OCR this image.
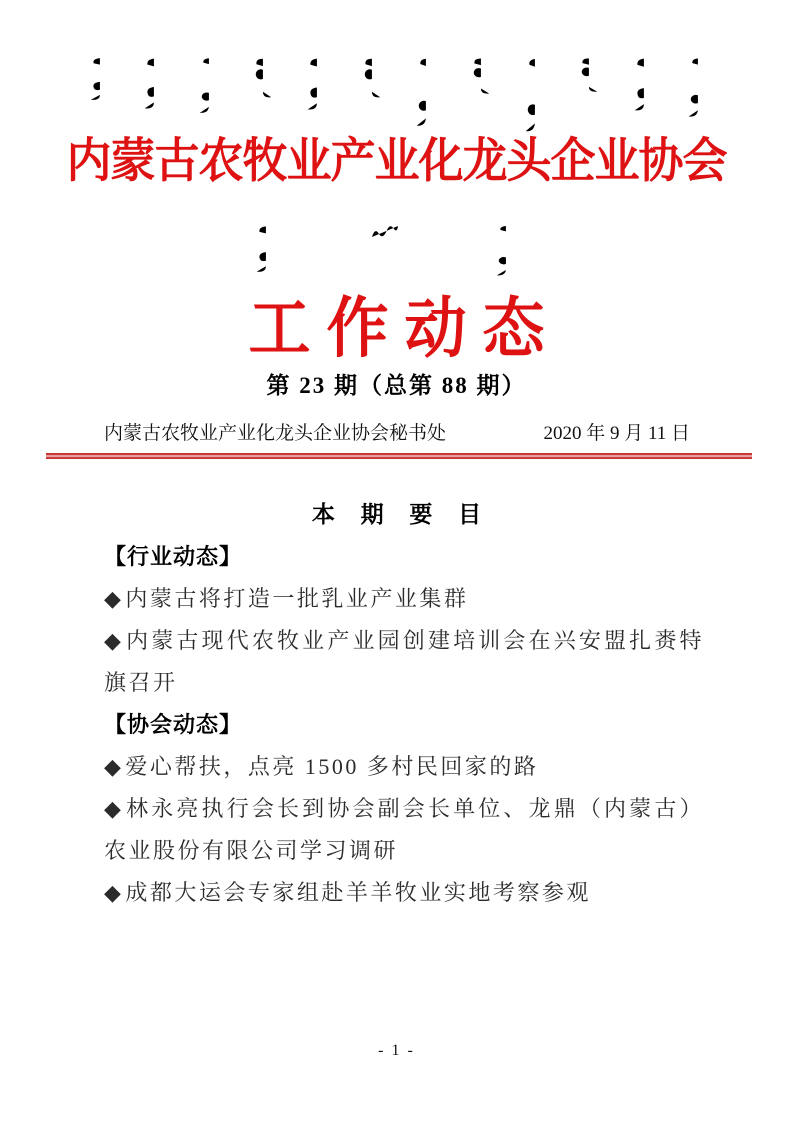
内蒙古农牧业产业化龙头企业协会
工作动态
第 23 期（总第 88 期）
内蒙古农牧业产业化龙头企业协会秘书处	2020 年 9 月 11 日
本 期 要 目
【行业动态】
◆内蒙古将打造一批乳业产业集群
◆内蒙古现代农牧业产业园创建培训会在兴安盟扎赉特旗召开
【协会动态】
◆爱心帮扶，点亮 1500 多村民回家的路
◆林永亮执行会长到协会副会长单位、龙鼎（内蒙古）农业股份有限公司学习调研
◆成都大运会专家组赴羊羊牧业实地考察参观
- 1 -
